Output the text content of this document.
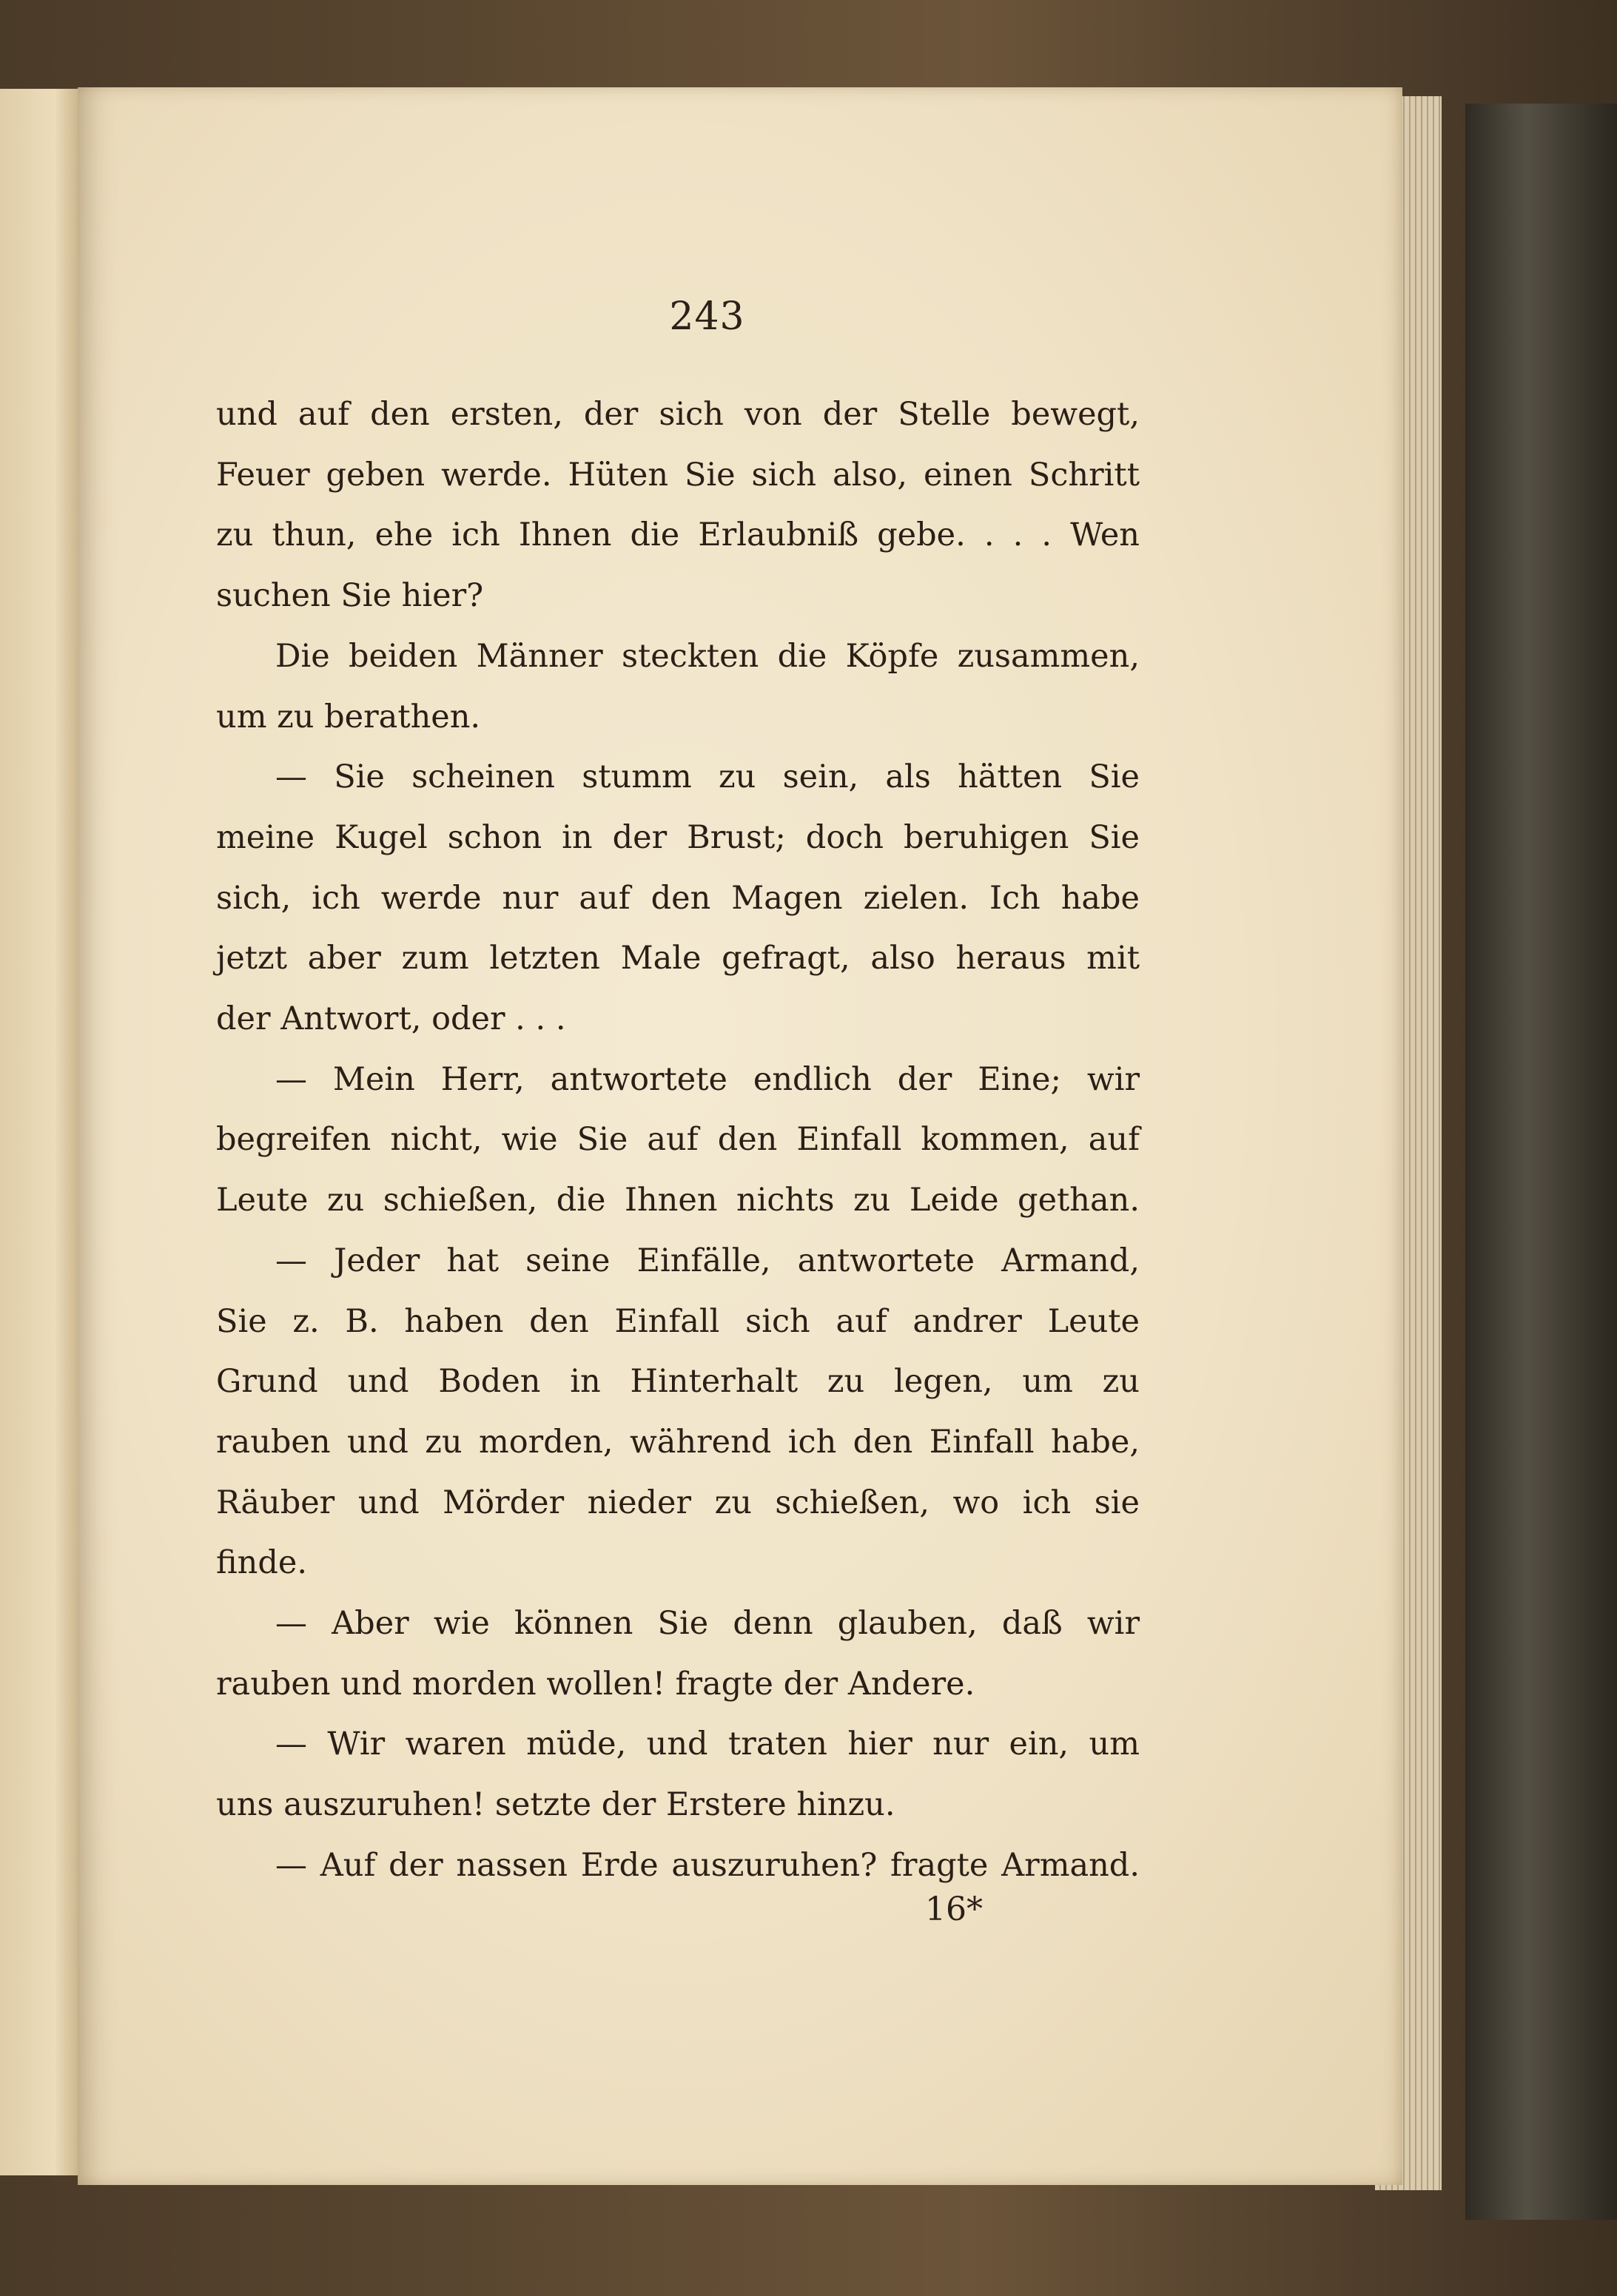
243
und auf den ersten, der sich von der Stelle bewegt,
Feuer geben werde. Hüten Sie sich also, einen Schritt
zu thun, ehe ich Ihnen die Erlaubniß gebe. . . . Wen
suchen Sie hier?
Die beiden Männer steckten die Köpfe zusammen,
um zu berathen.
— Sie scheinen stumm zu sein, als hätten Sie
meine Kugel schon in der Brust; doch beruhigen Sie
sich, ich werde nur auf den Magen zielen. Ich habe
jetzt aber zum letzten Male gefragt, also heraus mit
der Antwort, oder . . .
— Mein Herr, antwortete endlich der Eine; wir
begreifen nicht, wie Sie auf den Einfall kommen, auf
Leute zu schießen, die Ihnen nichts zu Leide gethan.
— Jeder hat seine Einfälle, antwortete Armand,
Sie z. B. haben den Einfall sich auf andrer Leute
Grund und Boden in Hinterhalt zu legen, um zu
rauben und zu morden, während ich den Einfall habe,
Räuber und Mörder nieder zu schießen, wo ich sie
finde.
— Aber wie können Sie denn glauben, daß wir
rauben und morden wollen! fragte der Andere.
— Wir waren müde, und traten hier nur ein, um
uns auszuruhen! setzte der Erstere hinzu.
— Auf der nassen Erde auszuruhen? fragte Armand.
16*
